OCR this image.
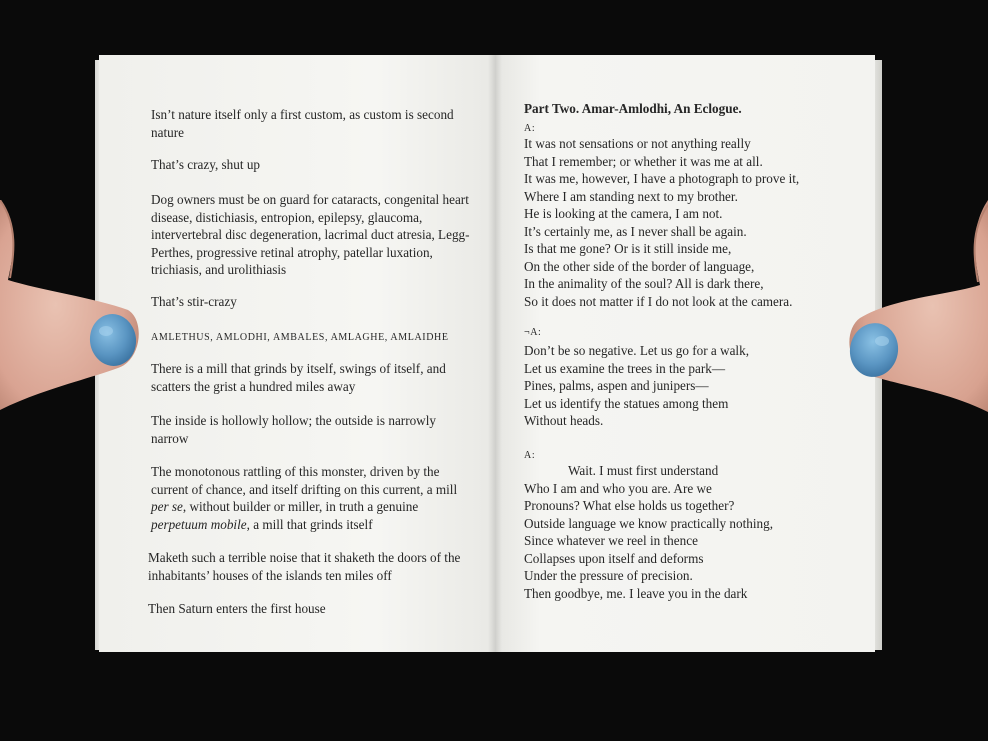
Isn’t nature itself only a first custom, as custom is second nature
That’s crazy, shut up
Dog owners must be on guard for cataracts, congenital heart disease, distichiasis, entropion, epilepsy, glaucoma, intervertebral disc degeneration, lacrimal duct atresia, Legg-Perthes, progressive retinal atrophy, patellar luxation, trichiasis, and urolithiasis
That’s stir-crazy
AMLETHUS, AMLODHI, AMBALES, AMLAGHE, AMLAIDHE
There is a mill that grinds by itself, swings of itself, and scatters the grist a hundred miles away
The inside is hollowly hollow; the outside is narrowly narrow
The monotonous rattling of this monster, driven by the current of chance, and itself drifting on this current, a mill per se, without builder or miller, in truth a genuine perpetuum mobile, a mill that grinds itself
Maketh such a terrible noise that it shaketh the doors of the inhabitants’ houses of the islands ten miles off
Then Saturn enters the first house
Part Two. Amar-Amlodhi, An Eclogue.
A:
It was not sensations or not anything really
That I remember; or whether it was me at all.
It was me, however, I have a photograph to prove it,
Where I am standing next to my brother.
He is looking at the camera, I am not.
It’s certainly me, as I never shall be again.
Is that me gone? Or is it still inside me,
On the other side of the border of language,
In the animality of the soul? All is dark there,
So it does not matter if I do not look at the camera.
¬A:
Don’t be so negative. Let us go for a walk,
Let us examine the trees in the park—
Pines, palms, aspen and junipers—
Let us identify the statues among them
Without heads.
A:
Wait. I must first understand
Who I am and who you are. Are we
Pronouns? What else holds us together?
Outside language we know practically nothing,
Since whatever we reel in thence
Collapses upon itself and deforms
Under the pressure of precision.
Then goodbye, me. I leave you in the dark
